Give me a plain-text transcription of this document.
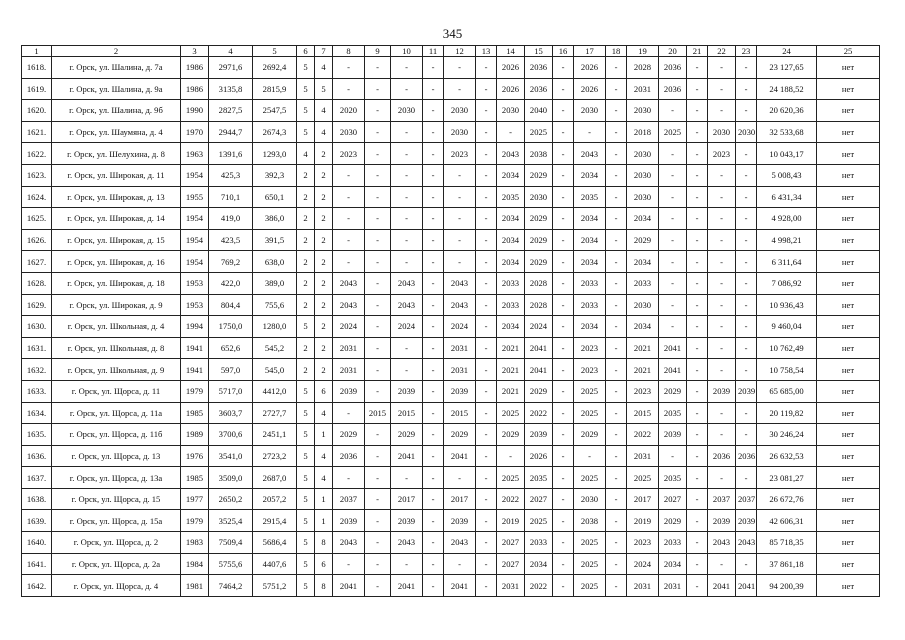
345
1	2	3	4	5	6	7	8	9	10	11	12	13	14	15	16	17	18	19	20	21	22	23	24	25
1618.	г. Орск, ул. Шалина, д. 7а	1986	2971,6	2692,4	5	4	-	-	-	-	-	-	2026	2036	-	2026	-	2028	2036	-	-	-	23 127,65	нет
1619.	г. Орск, ул. Шалина, д. 9а	1986	3135,8	2815,9	5	5	-	-	-	-	-	-	2026	2036	-	2026	-	2031	2036	-	-	-	24 188,52	нет
1620.	г. Орск, ул. Шалина, д. 9б	1990	2827,5	2547,5	5	4	2020	-	2030	-	2030	-	2030	2040	-	2030	-	2030	-	-	-	-	20 620,36	нет
1621.	г. Орск, ул. Шаумяна, д. 4	1970	2944,7	2674,3	5	4	2030	-	-	-	2030	-	-	2025	-	-	-	2018	2025	-	2030	2030	32 533,68	нет
1622.	г. Орск, ул. Шелухина, д. 8	1963	1391,6	1293,0	4	2	2023	-	-	-	2023	-	2043	2038	-	2043	-	2030	-	-	2023	-	10 043,17	нет
1623.	г. Орск, ул. Широкая, д. 11	1954	425,3	392,3	2	2	-	-	-	-	-	-	2034	2029	-	2034	-	2030	-	-	-	-	5 008,43	нет
1624.	г. Орск, ул. Широкая, д. 13	1955	710,1	650,1	2	2	-	-	-	-	-	-	2035	2030	-	2035	-	2030	-	-	-	-	6 431,34	нет
1625.	г. Орск, ул. Широкая, д. 14	1954	419,0	386,0	2	2	-	-	-	-	-	-	2034	2029	-	2034	-	2034	-	-	-	-	4 928,00	нет
1626.	г. Орск, ул. Широкая, д. 15	1954	423,5	391,5	2	2	-	-	-	-	-	-	2034	2029	-	2034	-	2029	-	-	-	-	4 998,21	нет
1627.	г. Орск, ул. Широкая, д. 16	1954	769,2	638,0	2	2	-	-	-	-	-	-	2034	2029	-	2034	-	2034	-	-	-	-	6 311,64	нет
1628.	г. Орск, ул. Широкая, д. 18	1953	422,0	389,0	2	2	2043	-	2043	-	2043	-	2033	2028	-	2033	-	2033	-	-	-	-	7 086,92	нет
1629.	г. Орск, ул. Широкая, д. 9	1953	804,4	755,6	2	2	2043	-	2043	-	2043	-	2033	2028	-	2033	-	2030	-	-	-	-	10 936,43	нет
1630.	г. Орск, ул. Школьная, д. 4	1994	1750,0	1280,0	5	2	2024	-	2024	-	2024	-	2034	2024	-	2034	-	2034	-	-	-	-	9 460,04	нет
1631.	г. Орск, ул. Школьная, д. 8	1941	652,6	545,2	2	2	2031	-	-	-	2031	-	2021	2041	-	2023	-	2021	2041	-	-	-	10 762,49	нет
1632.	г. Орск, ул. Школьная, д. 9	1941	597,0	545,0	2	2	2031	-	-	-	2031	-	2021	2041	-	2023	-	2021	2041	-	-	-	10 758,54	нет
1633.	г. Орск, ул. Щорса, д. 11	1979	5717,0	4412,0	5	6	2039	-	2039	-	2039	-	2021	2029	-	2025	-	2023	2029	-	2039	2039	65 685,00	нет
1634.	г. Орск, ул. Щорса, д. 11а	1985	3603,7	2727,7	5	4	-	2015	2015	-	2015	-	2025	2022	-	2025	-	2015	2035	-	-	-	20 119,82	нет
1635.	г. Орск, ул. Щорса, д. 11б	1989	3700,6	2451,1	5	1	2029	-	2029	-	2029	-	2029	2039	-	2029	-	2022	2039	-	-	-	30 246,24	нет
1636.	г. Орск, ул. Щорса, д. 13	1976	3541,0	2723,2	5	4	2036	-	2041	-	2041	-	-	2026	-	-	-	2031	-	-	2036	2036	26 632,53	нет
1637.	г. Орск, ул. Щорса, д. 13а	1985	3509,0	2687,0	5	4	-	-	-	-	-	-	2025	2035	-	2025	-	2025	2035	-	-	-	23 081,27	нет
1638.	г. Орск, ул. Щорса, д. 15	1977	2650,2	2057,2	5	1	2037	-	2017	-	2017	-	2022	2027	-	2030	-	2017	2027	-	2037	2037	26 672,76	нет
1639.	г. Орск, ул. Щорса, д. 15а	1979	3525,4	2915,4	5	1	2039	-	2039	-	2039	-	2019	2025	-	2038	-	2019	2029	-	2039	2039	42 606,31	нет
1640.	г. Орск, ул. Щорса, д. 2	1983	7509,4	5686,4	5	8	2043	-	2043	-	2043	-	2027	2033	-	2025	-	2023	2033	-	2043	2043	85 718,35	нет
1641.	г. Орск, ул. Щорса, д. 2а	1984	5755,6	4407,6	5	6	-	-	-	-	-	-	2027	2034	-	2025	-	2024	2034	-	-	-	37 861,18	нет
1642.	г. Орск, ул. Щорса, д. 4	1981	7464,2	5751,2	5	8	2041	-	2041	-	2041	-	2031	2022	-	2025	-	2031	2031	-	2041	2041	94 200,39	нет
